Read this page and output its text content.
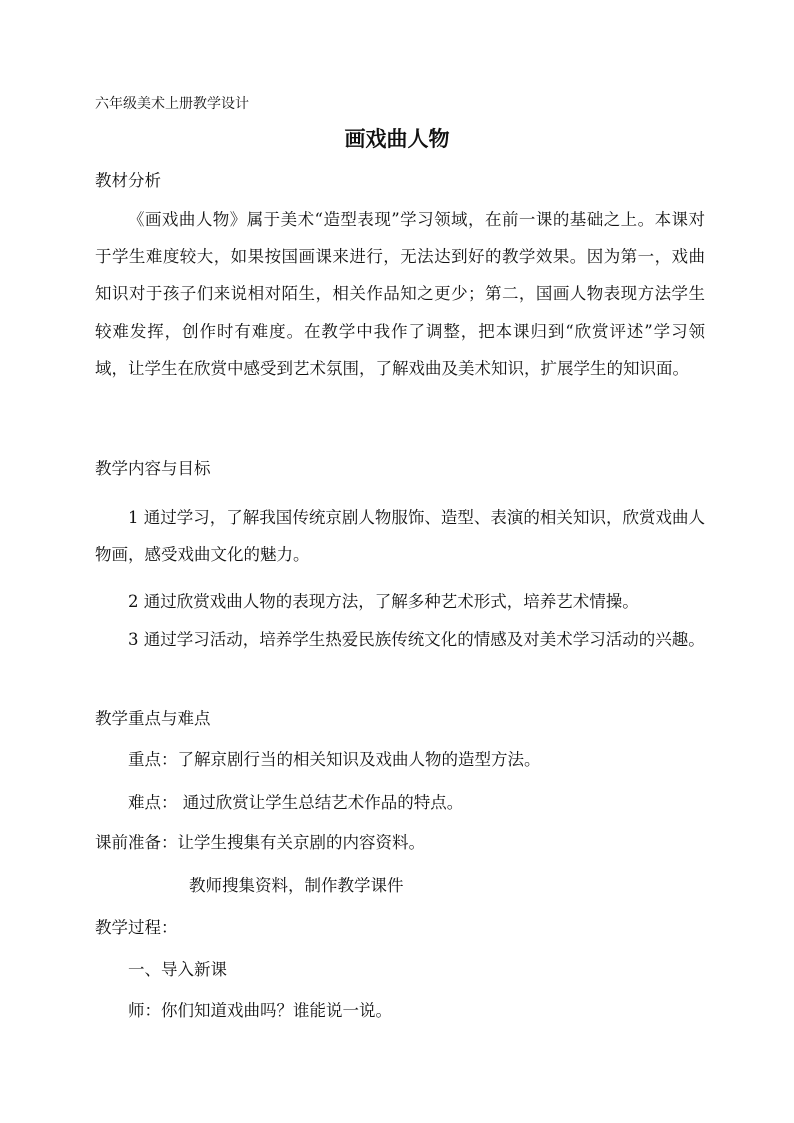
六年级美术上册教学设计
画戏曲人物
教材分析
《画戏曲人物》属于美术“造型表现”学习领域，在前一课的基础之上。本课对于学生难度较大，如果按国画课来进行，无法达到好的教学效果。因为第一，戏曲知识对于孩子们来说相对陌生，相关作品知之更少；第二，国画人物表现方法学生较难发挥，创作时有难度。在教学中我作了调整，把本课归到“欣赏评述”学习领域，让学生在欣赏中感受到艺术氛围，了解戏曲及美术知识，扩展学生的知识面。
教学内容与目标
1 通过学习，了解我国传统京剧人物服饰、造型、表演的相关知识，欣赏戏曲人物画，感受戏曲文化的魅力。
2 通过欣赏戏曲人物的表现方法，了解多种艺术形式，培养艺术情操。
3 通过学习活动，培养学生热爱民族传统文化的情感及对美术学习活动的兴趣。
教学重点与难点
重点：了解京剧行当的相关知识及戏曲人物的造型方法。
难点： 通过欣赏让学生总结艺术作品的特点。
课前准备：让学生搜集有关京剧的内容资料。
教师搜集资料，制作教学课件
教学过程：
一、导入新课
师：你们知道戏曲吗？谁能说一说。
